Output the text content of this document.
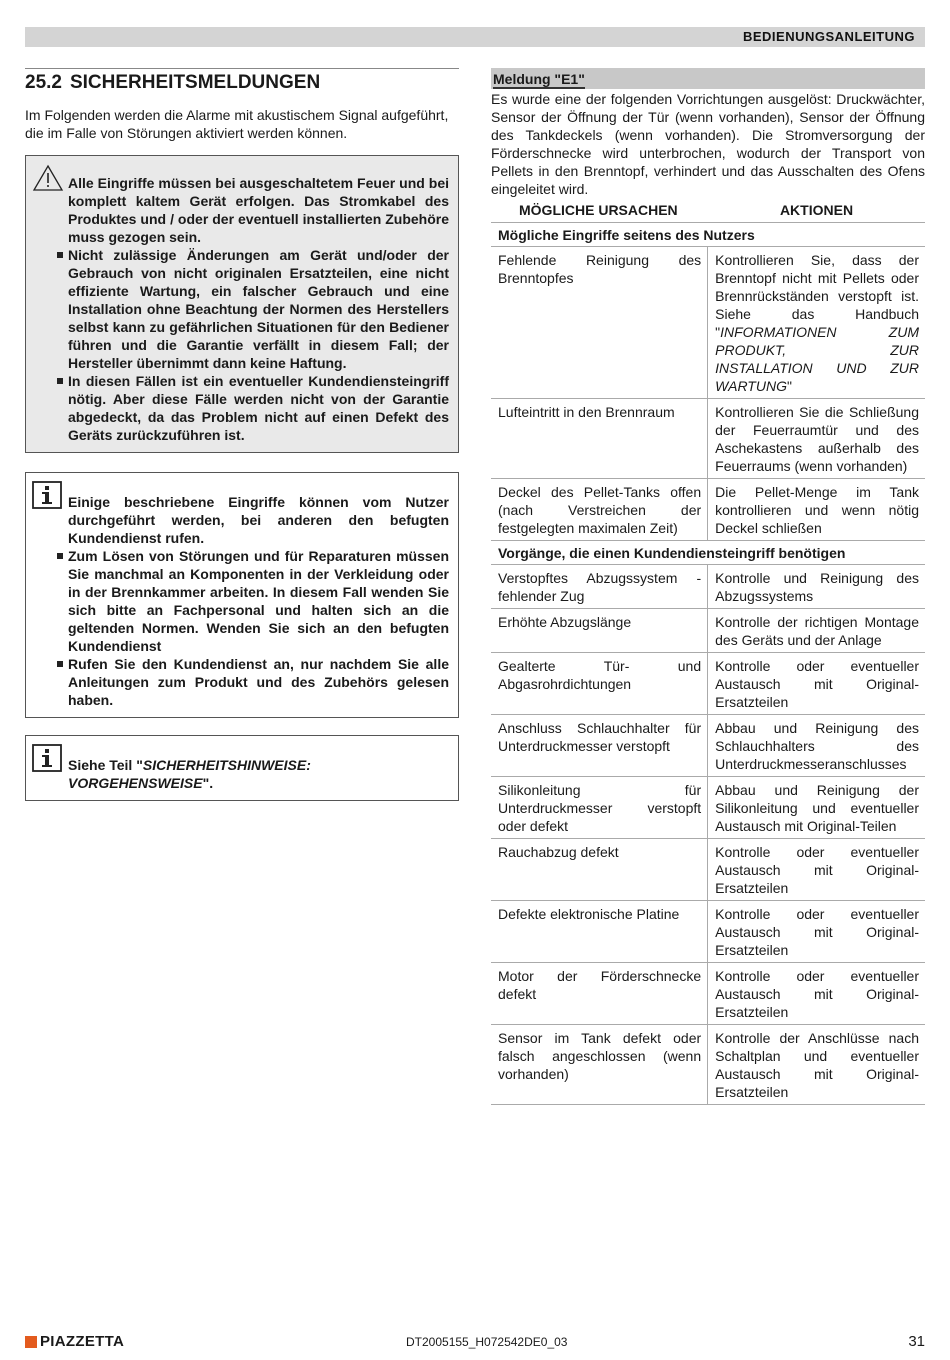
BEDIENUNGSANLEITUNG
25.2 SICHERHEITSMELDUNGEN

Im Folgenden werden die Alarme mit akustischem Signal aufgeführt, die im Falle von Störungen aktiviert werden können.

Alle Eingriffe müssen bei ausgeschaltetem Feuer und bei komplett kaltem Gerät erfolgen. Das Stromkabel des Produktes und / oder der eventuell installierten Zubehöre muss gezogen sein.
Nicht zulässige Änderungen am Gerät und/oder der Gebrauch von nicht originalen Ersatzteilen, eine nicht effiziente Wartung, ein falscher Gebrauch und eine Installation ohne Beachtung der Normen des Herstellers selbst kann zu gefährlichen Situationen für den Bediener führen und die Garantie verfällt in diesem Fall; der Hersteller übernimmt dann keine Haftung.
In diesen Fällen ist ein eventueller Kundendiensteingriff nötig. Aber diese Fälle werden nicht von der Garantie abgedeckt, da das Problem nicht auf einen Defekt des Geräts zurückzuführen ist.
Einige beschriebene Eingriffe können vom Nutzer durchgeführt werden, bei anderen den befugten Kundendienst rufen.
Zum Lösen von Störungen und für Reparaturen müssen Sie manchmal an Komponenten in der Verkleidung oder in der Brennkammer arbeiten. In diesem Fall wenden Sie sich bitte an Fachpersonal und halten sich an die geltenden Normen. Wenden Sie sich an den befugten Kundendienst
Rufen Sie den Kundendienst an, nur nachdem Sie alle Anleitungen zum Produkt und des Zubehörs gelesen haben.
Siehe Teil "SICHERHEITSHINWEISE: VORGEHENSWEISE".
Meldung "E1"

Es wurde eine der folgenden Vorrichtungen ausgelöst: Druckwächter, Sensor der Öffnung der Tür (wenn vorhanden), Sensor der Öffnung des Tankdeckels (wenn vorhanden). Die Stromversorgung der Förderschnecke wird unterbrochen, wodurch der Transport von Pellets in den Brenntopf, verhindert und das Ausschalten des Ofens eingeleitet wird.

MÖGLICHE URSACHEN	AKTIONEN
Mögliche Eingriffe seitens des Nutzers	
Fehlende Reinigung des Brenntopfes	Kontrollieren Sie, dass der Brenntopf nicht mit Pellets oder Brennrückständen verstopft ist. Siehe das Handbuch "INFORMATIONEN ZUM PRODUKT, ZUR INSTALLATION UND ZUR WARTUNG"
Lufteintritt in den Brennraum	Kontrollieren Sie die Schließung der Feuerraumtür und des Aschekastens außerhalb des Feuerraums (wenn vorhanden)
Deckel des Pellet-Tanks offen (nach Verstreichen der festgelegten maximalen Zeit)	Die Pellet-Menge im Tank kontrollieren und wenn nötig Deckel schließen
Vorgänge, die einen Kundendiensteingriff benötigen	
Verstopftes Abzugssystem - fehlender Zug	Kontrolle und Reinigung des Abzugssystems
Erhöhte Abzugslänge	Kontrolle der richtigen Montage des Geräts und der Anlage
Gealterte Tür- und Abgasrohrdichtungen	Kontrolle oder eventueller Austausch mit Original-Ersatzteilen
Anschluss Schlauchhalter für Unterdruckmesser verstopft	Abbau und Reinigung des Schlauchhalters des Unterdruckmesseranschlusses
Silikonleitung für Unterdruckmesser verstopft oder defekt	Abbau und Reinigung der Silikonleitung und eventueller Austausch mit Original-Teilen
Rauchabzug defekt	Kontrolle oder eventueller Austausch mit Original-Ersatzteilen
Defekte elektronische Platine	Kontrolle oder eventueller Austausch mit Original-Ersatzteilen
Motor der Förderschnecke defekt	Kontrolle oder eventueller Austausch mit Original-Ersatzteilen
Sensor im Tank defekt oder falsch angeschlossen (wenn vorhanden)	Kontrolle der Anschlüsse nach Schaltplan und eventueller Austausch mit Original-Ersatzteilen
PIAZZETTA	DT2005155_H072542DE0_03	31
